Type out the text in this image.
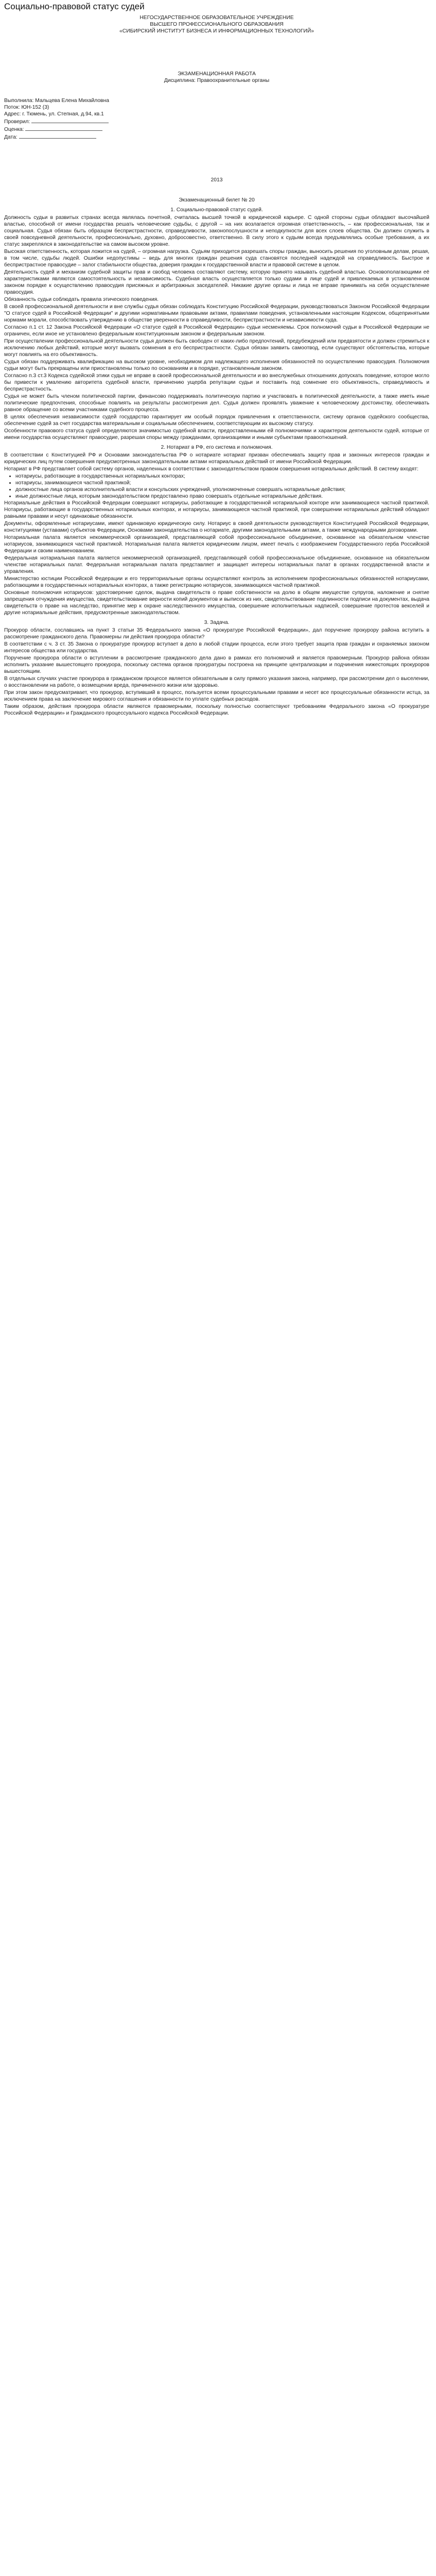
Социально-правовой статус судей
НЕГОСУДАРСТВЕННОЕ ОБРАЗОВАТЕЛЬНОЕ УЧРЕЖДЕНИЕ
ВЫСШЕГО ПРОФЕССИОНАЛЬНОГО ОБРАЗОВАНИЯ
«СИБИРСКИЙ ИНСТИТУТ БИЗНЕСА И ИНФОРМАЦИОННЫХ ТЕХНОЛОГИЙ»
ЭКЗАМЕНАЦИОННАЯ РАБОТА
Дисциплина: Правоохранительные органы

Выполнила: Мальцева Елена Михайловна

Поток: ЮН-152 (3)

Адрес: г. Тюмень, ул. Степная, д.94, кв.1

Проверил:

Оценка:

Дата:

2013
Экзаменационный билет № 20
1. Социально-правовой статус судей.

Должность судьи в развитых странах всегда являлась почетной, считалась высшей точкой в юридической карьере. С одной стороны судьи обладают высочайшей властью, способной от имени государства решать человеческие судьбы, с другой – на них возлагается огромная ответственность, – как профессиональная, так и социальная. Судья обязан быть образцом беспристрастности, справедливости, законопослушности и неподкупности для всех слоев общества. Он должен служить в своей повседневной деятельности, профессионально, духовно, добросовестно, ответственно. В силу этого к судьям всегда предъявлялись особые требования, а их статус закреплялся в законодательстве на самом высоком уровне.

Высокая ответственность, которая ложится на судей, – огромная нагрузка. Судьям приходится разрешать споры граждан, выносить решения по уголовным делам, решая, в том числе, судьбы людей. Ошибки недопустимы – ведь для многих граждан решения суда становятся последней надеждой на справедливость. Быстрое и беспристрастное правосудие – залог стабильности общества, доверия граждан к государственной власти и правовой системе в целом.

Деятельность судей и механизм судебной защиты прав и свобод человека составляют систему, которую принято называть судебной властью. Основополагающими её характеристиками являются самостоятельность и независимость. Судебная власть осуществляется только судами в лице судей и привлекаемых в установленном законом порядке к осуществлению правосудия присяжных и арбитражных заседателей. Никакие другие органы и лица не вправе принимать на себя осуществление правосудия.

Обязанность судьи соблюдать правила этического поведения.

В своей профессиональной деятельности и вне службы судья обязан соблюдать Конституцию Российской Федерации, руководствоваться Законом Российской Федерации "О статусе судей в Российской Федерации" и другими нормативными правовыми актами, правилами поведения, установленными настоящим Кодексом, общепринятыми нормами морали, способствовать утверждению в обществе уверенности в справедливости, беспристрастности и независимости суда.

Согласно п.1 ст. 12 Закона Российской Федерации «О статусе судей в Российской Федерации» судьи несменяемы. Срок полномочий судьи в Российской Федерации не ограничен, если иное не установлено федеральным конституционным законом и федеральным законом.

При осуществлении профессиональной деятельности судья должен быть свободен от каких-либо предпочтений, предубеждений или предвзятости и должен стремиться к исключению любых действий, которые могут вызвать сомнения в его беспристрастности. Судья обязан заявить самоотвод, если существуют обстоятельства, которые могут повлиять на его объективность.

Судья обязан поддерживать квалификацию на высоком уровне, необходимом для надлежащего исполнения обязанностей по осуществлению правосудия. Полномочия судьи могут быть прекращены или приостановлены только по основаниям и в порядке, установленным законом.

Согласно п.3 ст.3 Кодекса судейской этики судья не вправе в своей профессиональной деятельности и во внеслужебных отношениях допускать поведение, которое могло бы привести к умалению авторитета судебной власти, причинению ущерба репутации судьи и поставить под сомнение его объективность, справедливость и беспристрастность.

Судья не может быть членом политической партии, финансово поддерживать политическую партию и участвовать в политической деятельности, а также иметь иные политические предпочтения, способные повлиять на результаты рассмотрения дел. Судья должен проявлять уважение к человеческому достоинству, обеспечивать равное обращение со всеми участниками судебного процесса.

В целях обеспечения независимости судей государство гарантирует им особый порядок привлечения к ответственности, систему органов судейского сообщества, обеспечение судей за счет государства материальным и социальным обеспечением, соответствующим их высокому статусу.

Особенности правового статуса судей определяются значимостью судебной власти, предоставленными ей полномочиями и характером деятельности судей, которые от имени государства осуществляют правосудие, разрешая споры между гражданами, организациями и иными субъектами правоотношений.

2. Нотариат в РФ, его система и полномочия.

В соответствии с Конституцией РФ и Основами законодательства РФ о нотариате нотариат призван обеспечивать защиту прав и законных интересов граждан и юридических лиц путем совершения предусмотренных законодательными актами нотариальных действий от имени Российской Федерации.

Нотариат в РФ представляет собой систему органов, наделенных в соответствии с законодательством правом совершения нотариальных действий. В систему входят:

• нотариусы, работающие в государственных нотариальных конторах;
• нотариусы, занимающиеся частной практикой;
• должностные лица органов исполнительной власти и консульских учреждений, уполномоченные совершать нотариальные действия;
• иные должностные лица, которым законодательством предоставлено право совершать отдельные нотариальные действия.

Нотариальные действия в Российской Федерации совершают нотариусы, работающие в государственной нотариальной конторе или занимающиеся частной практикой. Нотариусы, работающие в государственных нотариальных конторах, и нотариусы, занимающиеся частной практикой, при совершении нотариальных действий обладают равными правами и несут одинаковые обязанности.

Документы, оформленные нотариусами, имеют одинаковую юридическую силу. Нотариус в своей деятельности руководствуется Конституцией Российской Федерации, конституциями (уставами) субъектов Федерации, Основами законодательства о нотариате, другими законодательными актами, а также международными договорами.

Нотариальная палата является некоммерческой организацией, представляющей собой профессиональное объединение, основанное на обязательном членстве нотариусов, занимающихся частной практикой. Нотариальная палата является юридическим лицом, имеет печать с изображением Государственного герба Российской Федерации и своим наименованием.

Федеральная нотариальная палата является некоммерческой организацией, представляющей собой профессиональное объединение, основанное на обязательном членстве нотариальных палат. Федеральная нотариальная палата представляет и защищает интересы нотариальных палат в органах государственной власти и управления.

Министерство юстиции Российской Федерации и его территориальные органы осуществляют контроль за исполнением профессиональных обязанностей нотариусами, работающими в государственных нотариальных конторах, а также регистрацию нотариусов, занимающихся частной практикой.

Основные полномочия нотариусов: удостоверение сделок, выдача свидетельств о праве собственности на долю в общем имуществе супругов, наложение и снятие запрещения отчуждения имущества, свидетельствование верности копий документов и выписок из них, свидетельствование подлинности подписи на документах, выдача свидетельств о праве на наследство, принятие мер к охране наследственного имущества, совершение исполнительных надписей, совершение протестов векселей и другие нотариальные действия, предусмотренные законодательством.

3. Задача.

Прокурор области, сославшись на пункт 3 статьи 35 Федерального закона «О прокуратуре Российской Федерации», дал поручение прокурору района вступить в рассмотрение гражданского дела. Правомерны ли действия прокурора области?

В соответствии с ч. 3 ст. 35 Закона о прокуратуре прокурор вступает в дело в любой стадии процесса, если этого требует защита прав граждан и охраняемых законом интересов общества или государства.

Поручение прокурора области о вступлении в рассмотрение гражданского дела дано в рамках его полномочий и является правомерным. Прокурор района обязан исполнить указание вышестоящего прокурора, поскольку система органов прокуратуры построена на принципе централизации и подчинения нижестоящих прокуроров вышестоящим.

В отдельных случаях участие прокурора в гражданском процессе является обязательным в силу прямого указания закона, например, при рассмотрении дел о выселении, о восстановлении на работе, о возмещении вреда, причиненного жизни или здоровью.

При этом закон предусматривает, что прокурор, вступивший в процесс, пользуется всеми процессуальными правами и несет все процессуальные обязанности истца, за исключением права на заключение мирового соглашения и обязанности по уплате судебных расходов.

Таким образом, действия прокурора области являются правомерными, поскольку полностью соответствуют требованиям Федерального закона «О прокуратуре Российской Федерации» и Гражданского процессуального кодекса Российской Федерации.
